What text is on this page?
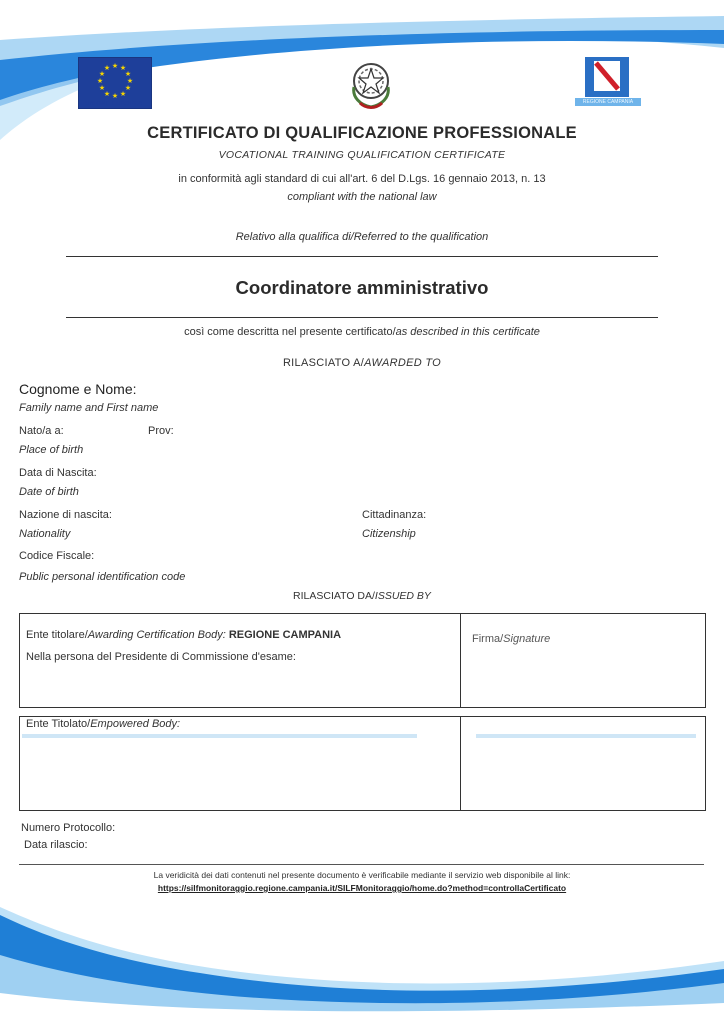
★ ★
★
★
★
★
★
★
★
★
★
★
UNIONE EUROPEA	REGIONE CAMPANIA
CERTIFICATO DI QUALIFICAZIONE PROFESSIONALE
VOCATIONAL TRAINING QUALIFICATION CERTIFICATE
in conformità agli standard di cui all'art. 6 del D.Lgs. 16 gennaio 2013, n. 13
compliant with the national law
Relativo alla qualifica di/Referred to the qualification
Coordinatore amministrativo
così come descritta nel presente certificato/as described in this certificate
RILASCIATO A/AWARDED TO
Cognome e Nome:
Family name and First name
Nato/a a:	Prov:
Place of birth
Data di Nascita:
Date of birth
Nazione di nascita:	Cittadinanza:
Nationality	Citizenship
Codice Fiscale:
Public personal identification code
RILASCIATO DA/ISSUED BY
Ente titolare/Awarding Certification Body: REGIONE CAMPANIA
Nella persona del Presidente di Commissione d'esame:
Firma/Signature
Ente Titolato/Empowered Body:
Numero Protocollo:
Data rilascio:
La veridicità dei dati contenuti nel presente documento è verificabile mediante il servizio web disponibile al link:
https://silfmonitoraggio.regione.campania.it/SILFMonitoraggio/home.do?method=controllaCertificato
